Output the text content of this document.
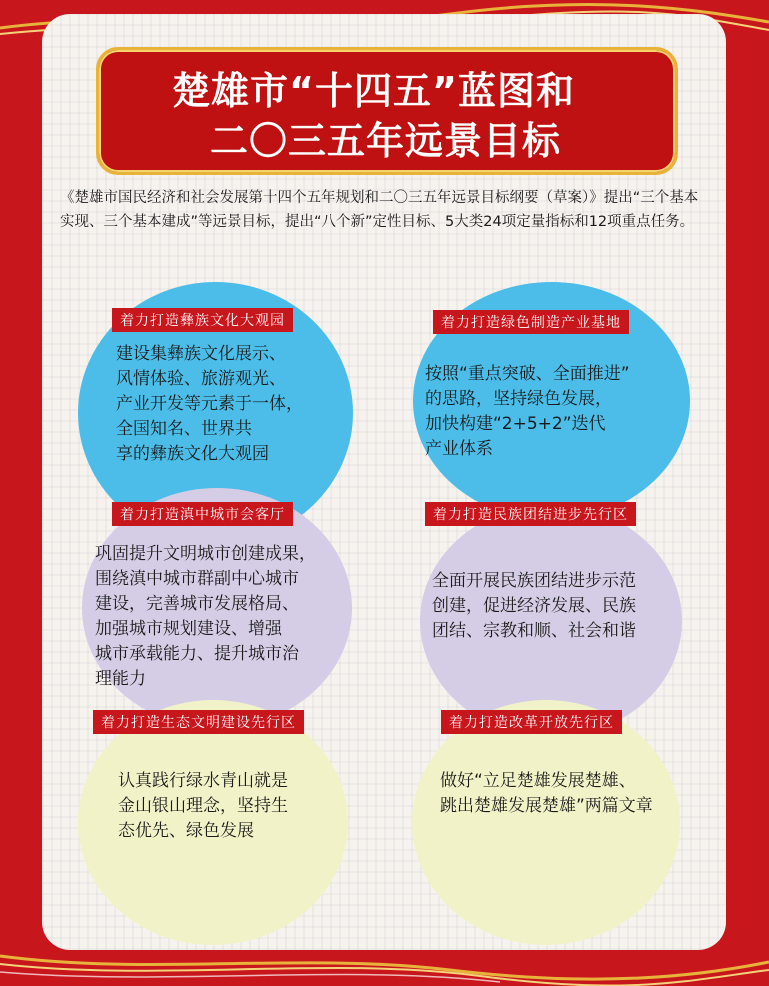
楚雄市“十四五”蓝图和
二〇三五年远景目标

《楚雄市国民经济和社会发展第十四个五年规划和二〇三五年远景目标纲要（草案）》提出“三个基本实现、三个基本建成”等远景目标，提出“八个新”定性目标、5大类24项定量指标和12项重点任务。

着力打造彝族文化大观园	着力打造绿色制造产业基地
着力打造滇中城市会客厅	着力打造民族团结进步先行区
着力打造生态文明建设先行区	着力打造改革开放先行区

建设集彝族文化展示、
风情体验、旅游观光、
产业开发等元素于一体，
全国知名、世界共
享的彝族文化大观园

按照“重点突破、全面推进”
的思路，坚持绿色发展，
加快构建“2+5+2”迭代
产业体系

巩固提升文明城市创建成果，
围绕滇中城市群副中心城市
建设，完善城市发展格局、
加强城市规划建设、增强
城市承载能力、提升城市治
理能力

全面开展民族团结进步示范
创建，促进经济发展、民族
团结、宗教和顺、社会和谐

认真践行绿水青山就是
金山银山理念，坚持生
态优先、绿色发展

做好“立足楚雄发展楚雄、
跳出楚雄发展楚雄”两篇文章
